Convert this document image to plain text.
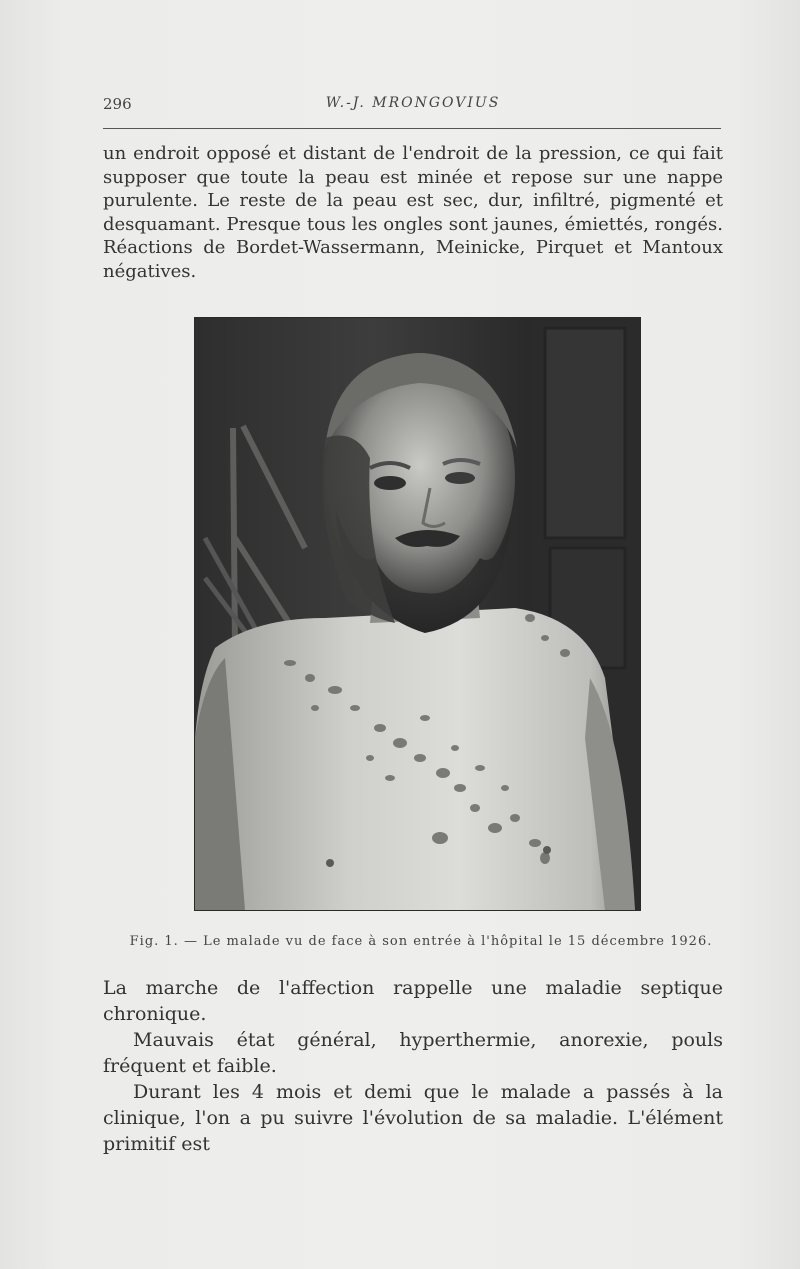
296	W.-J. MRONGOVIUS

un endroit opposé et distant de l'endroit de la pression, ce qui fait supposer que toute la peau est minée et repose sur une nappe purulente. Le reste de la peau est sec, dur, infiltré, pigmenté et desquamant. Presque tous les ongles sont jaunes, émiettés, rongés. Réactions de Bordet-Wassermann, Meinicke, Pirquet et Mantoux négatives.

Fig. 1. — Le malade vu de face à son entrée à l'hôpital le 15 décembre 1926.

La marche de l'affection rappelle une maladie septique chronique.

Mauvais état général, hyperthermie, anorexie, pouls fréquent et faible.

Durant les 4 mois et demi que le malade a passés à la clinique, l'on a pu suivre l'évolution de sa maladie. L'élément primitif est
